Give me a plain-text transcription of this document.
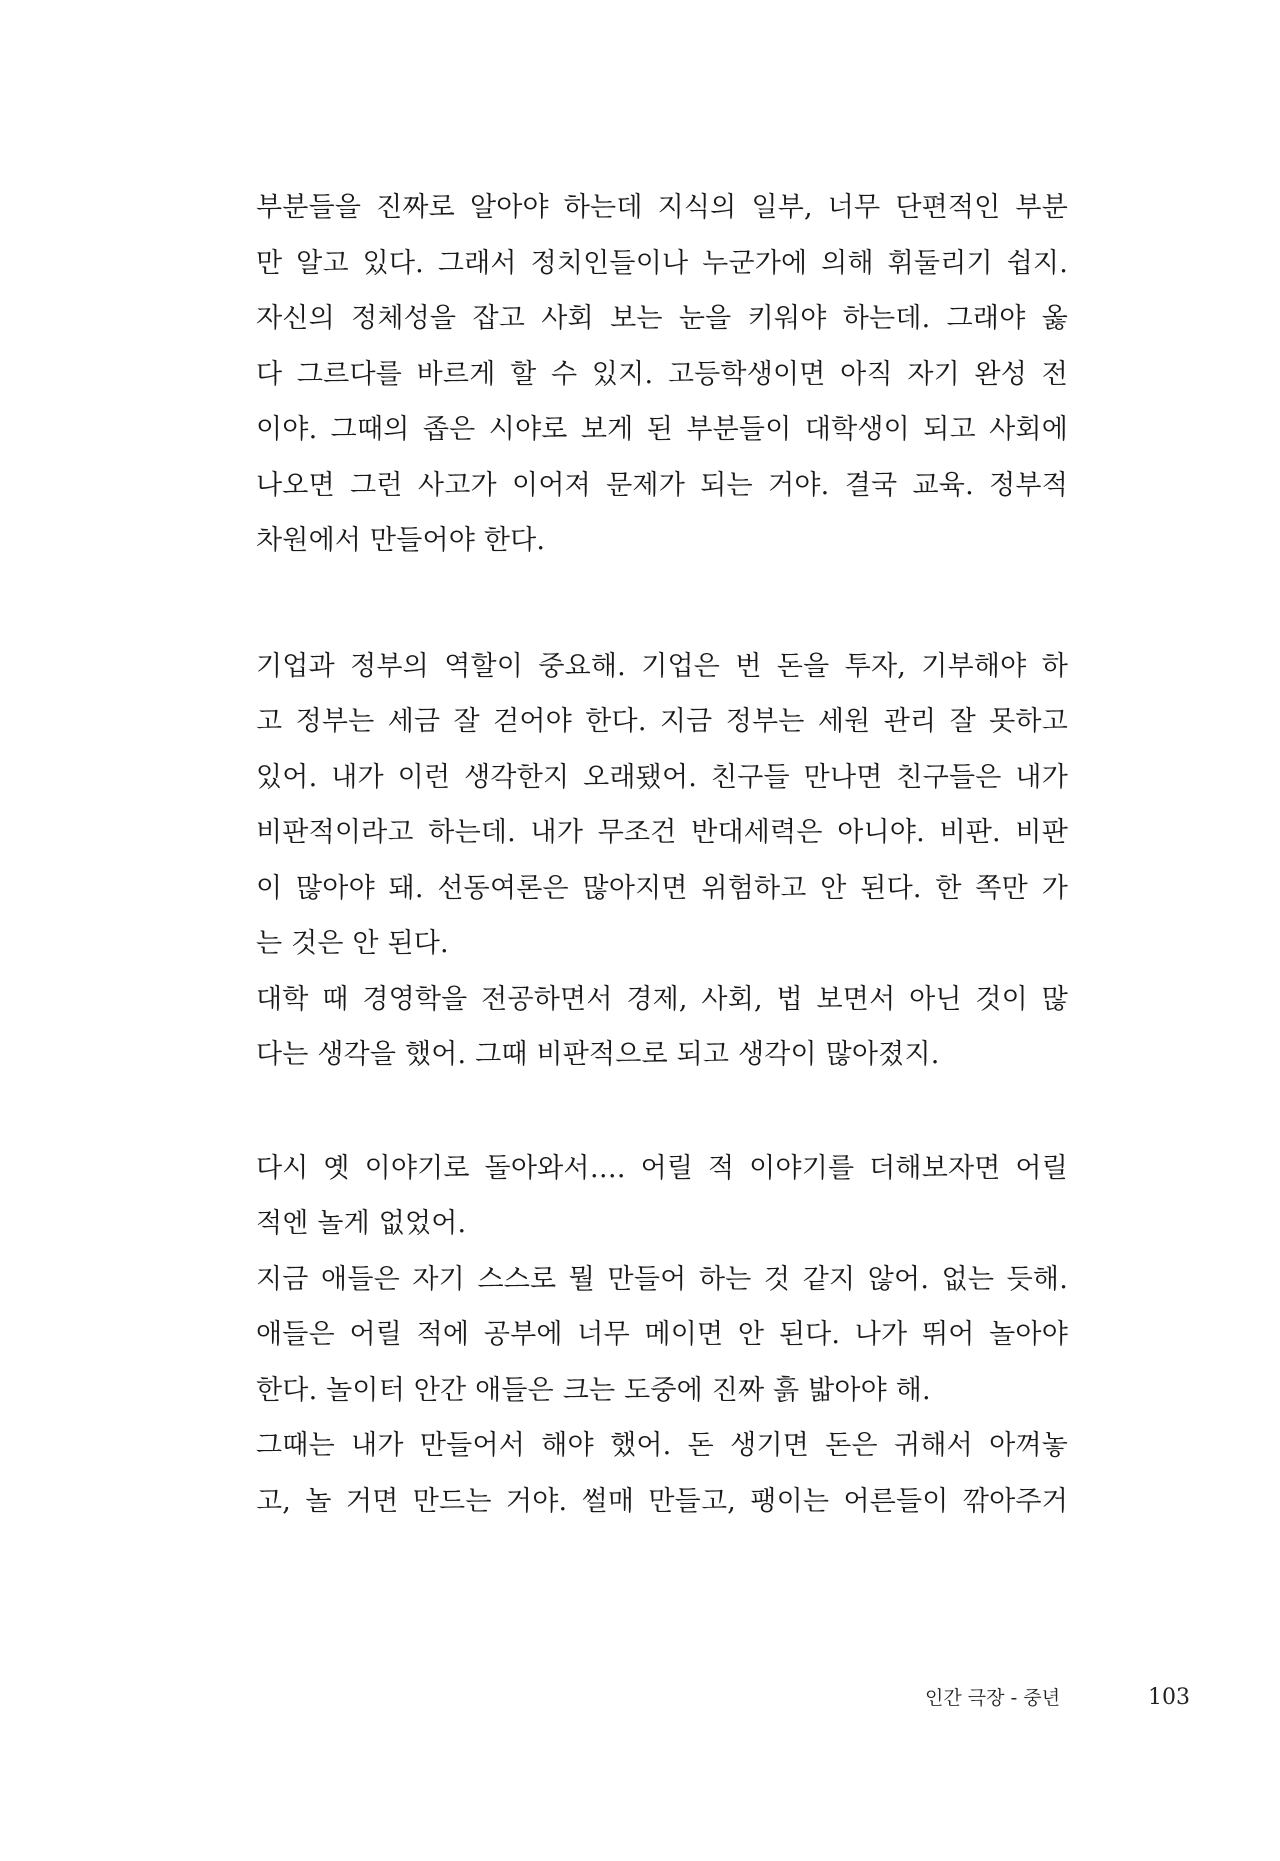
부분들을 진짜로 알아야 하는데 지식의 일부, 너무 단편적인 부분
만 알고 있다. 그래서 정치인들이나 누군가에 의해 휘둘리기 쉽지.
자신의 정체성을 잡고 사회 보는 눈을 키워야 하는데. 그래야 옳
다 그르다를 바르게 할 수 있지. 고등학생이면 아직 자기 완성 전
이야. 그때의 좁은 시야로 보게 된 부분들이 대학생이 되고 사회에
나오면 그런 사고가 이어져 문제가 되는 거야. 결국 교육. 정부적
차원에서 만들어야 한다.
기업과 정부의 역할이 중요해. 기업은 번 돈을 투자, 기부해야 하
고 정부는 세금 잘 걷어야 한다. 지금 정부는 세원 관리 잘 못하고
있어. 내가 이런 생각한지 오래됐어. 친구들 만나면 친구들은 내가
비판적이라고 하는데. 내가 무조건 반대세력은 아니야. 비판. 비판
이 많아야 돼. 선동여론은 많아지면 위험하고 안 된다. 한 쪽만 가
는 것은 안 된다.
대학 때 경영학을 전공하면서 경제, 사회, 법 보면서 아닌 것이 많
다는 생각을 했어. 그때 비판적으로 되고 생각이 많아졌지.
다시 옛 이야기로 돌아와서…. 어릴 적 이야기를 더해보자면 어릴
적엔 놀게 없었어.
지금 애들은 자기 스스로 뭘 만들어 하는 것 같지 않어. 없는 듯해.
애들은 어릴 적에 공부에 너무 메이면 안 된다. 나가 뛰어 놀아야
한다. 놀이터 안간 애들은 크는 도중에 진짜 흙 밟아야 해.
그때는 내가 만들어서 해야 했어. 돈 생기면 돈은 귀해서 아껴놓
고, 놀 거면 만드는 거야. 썰매 만들고, 팽이는 어른들이 깎아주거
인간 극장 - 중년	103
